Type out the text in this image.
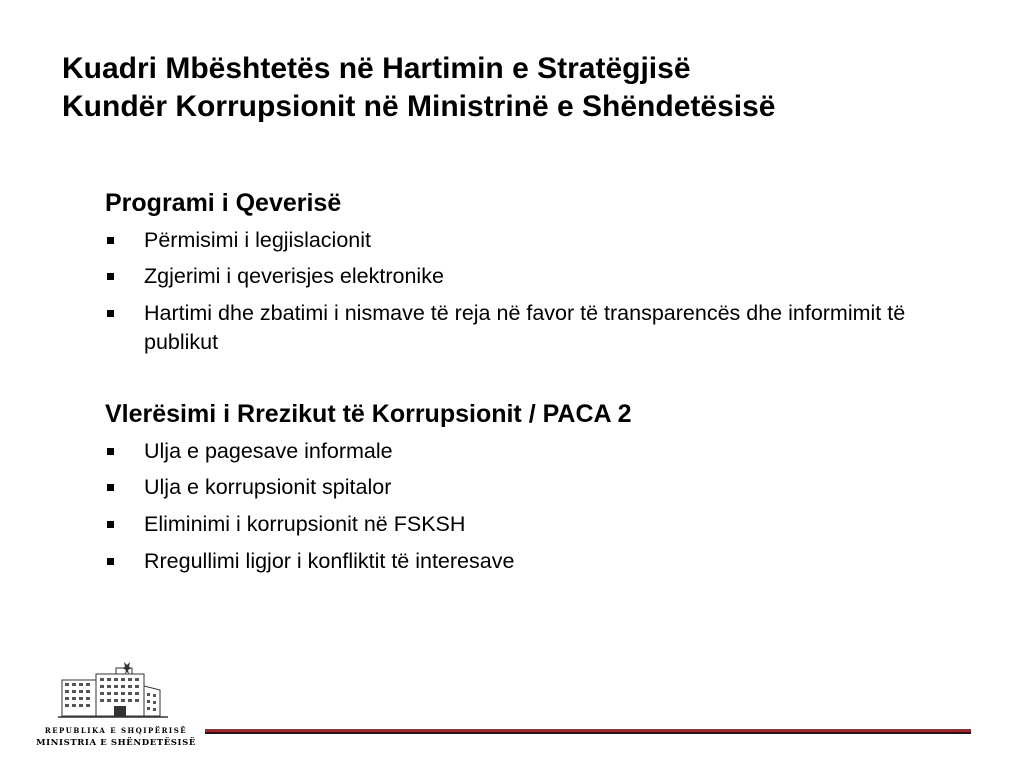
Kuadri Mbështetës në Hartimin e Stratëgjisë
Kundër Korrupsionit në Ministrinë e Shëndetësisë
Programi i Qeverisë
Përmisimi i legjislacionit
Zgjerimi i qeverisjes elektronike
Hartimi dhe zbatimi i nismave të reja në favor të transparencës dhe informimit të publikut
Vlerësimi i Rrezikut të Korrupsionit / PACA 2
Ulja e pagesave informale
Ulja e korrupsionit spitalor
Eliminimi i korrupsionit në FSKSH
Rregullimi ligjor i konfliktit të interesave
REPUBLIKA E SHQIPËRISË
MINISTRIA E SHËNDETËSISË
